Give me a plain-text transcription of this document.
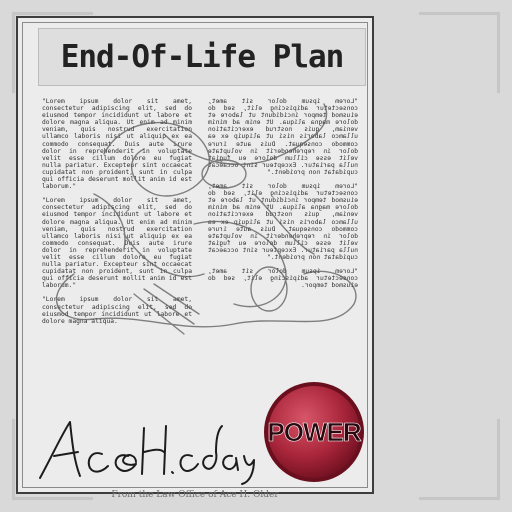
End-Of-Life Plan

"Lorem ipsum dolor sit amet, consectetur adipiscing elit, sed do eiusmod tempor incididunt ut labore et dolore magna aliqua. Ut enim ad minim veniam, quis nostrud exercitation ullamco laboris nisi ut aliquip ex ea commodo consequat. Duis aute irure dolor in reprehenderit in voluptate velit esse cillum dolore eu fugiat nulla pariatur. Excepteur sint occaecat cupidatat non proident, sunt in culpa qui officia deserunt mollit anim id est laborum."

"Lorem ipsum dolor sit amet, consectetur adipiscing elit, sed do eiusmod tempor incididunt ut labore et dolore magna aliqua. Ut enim ad minim veniam, quis nostrud exercitation ullamco laboris nisi ut aliquip ex ea commodo consequat. Duis aute irure dolor in reprehenderit in voluptate velit esse cillum dolore eu fugiat nulla pariatur. Excepteur sint occaecat cupidatat non proident, sunt in culpa qui officia deserunt mollit anim id est laborum."

"Lorem ipsum dolor sit amet, consectetur adipiscing elit, sed do eiusmod tempor incididunt ut labore et dolore magna aliqua.

"Lorem ipsum dolor sit amet, consectetur adipiscing elit, sed do eiusmod tempor incididunt ut labore et dolore magna aliqua. Ut enim ad minim veniam, quis nostrud exercitation ullamco laboris nisi ut aliquip ex ea commodo consequat. Duis aute irure dolor in reprehenderit in voluptate velit esse cillum dolore eu fugiat nulla pariatur. Excepteur sint occaecat cupidatat non proident."

"Lorem ipsum dolor sit amet, consectetur adipiscing elit, sed do eiusmod tempor incididunt ut labore et dolore magna aliqua. Ut enim ad minim veniam, quis nostrud exercitation ullamco laboris nisi ut aliquip ex ea commodo consequat. Duis aute irure dolor in reprehenderit in voluptate velit esse cillum dolore eu fugiat nulla pariatur. Excepteur sint occaecat cupidatat non proident."

"Lorem ipsum dolor sit amet, consectetur adipiscing elit, sed do eiusmod tempor.

From the Law Office of Ace H. Older
POWER
